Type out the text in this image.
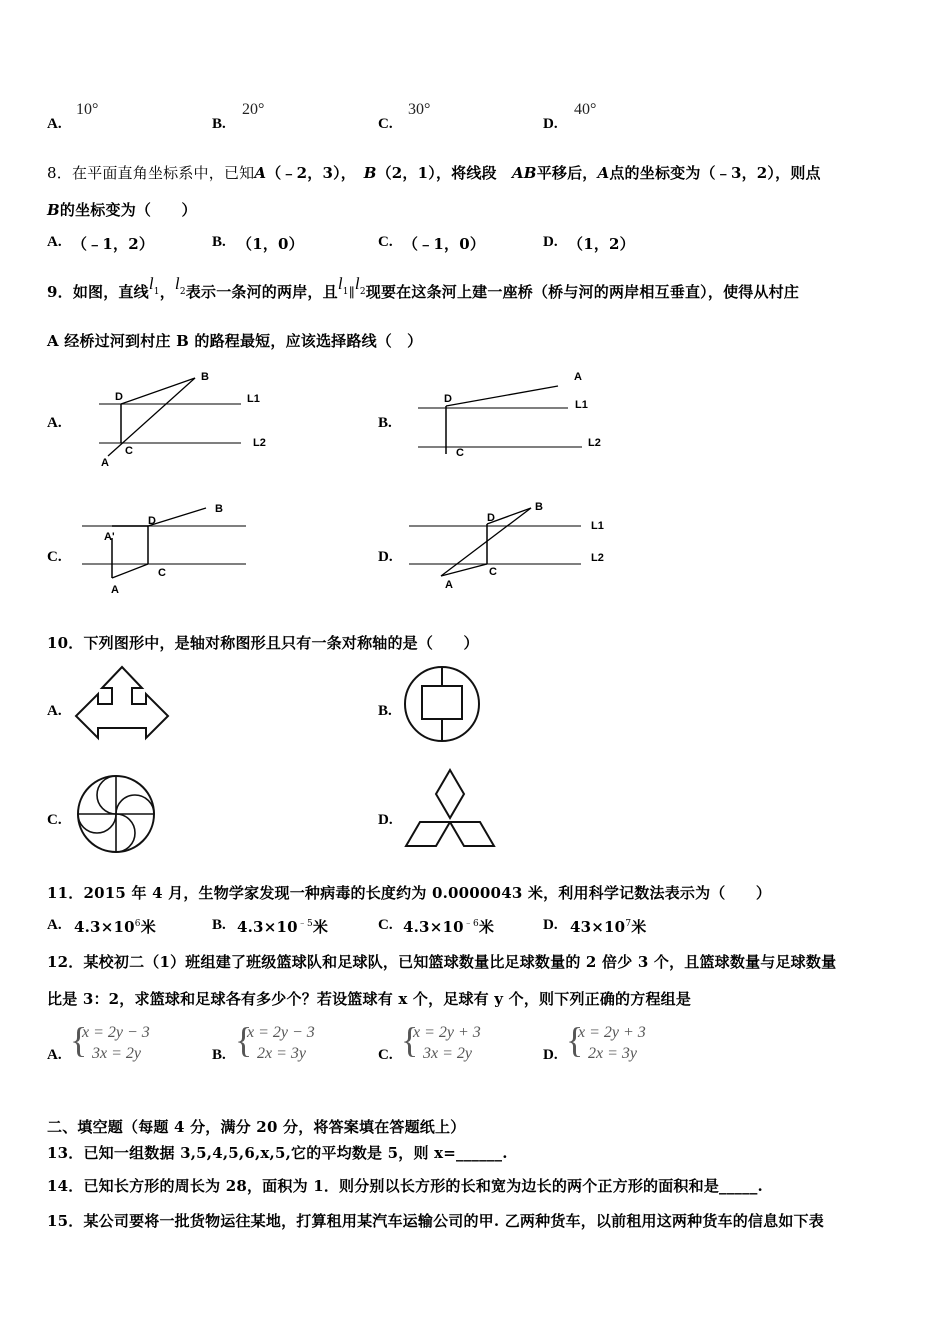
A.
10°
B.
20°
C.
30°
D.
40°
8．在平面直角坐标系中，已知A（﹣2，3），　 B（2，1），将线段　 AB平移后，A点的坐标变为（﹣3，2），则点
B的坐标变为（　　）
A. （﹣1，2）	B. （1，0）	C. （﹣1，0）	D. （1，2）
9．如图，直线$l^1$，$l^2$表示一条河的两岸，且$l^1\parallel l^2$现要在这条河上建一座桥（桥与河的两岸相互垂直），使得从村庄
A 经桥过河到村庄 B 的路程最短，应该选择路线（　）
A.	B.
C.	D.
D
B
C
A
L1
L2
D
A
C
L1
L2
A'
D
B
C
A
D
B
C
A
L1
L2
10．下列图形中，是轴对称图形且只有一条对称轴的是（　　）
A.	B.
C.	D.
11．2015 年 4 月，生物学家发现一种病毒的长度约为 0.0000043 米，利用科学记数法表示为（　　）
A. $4.3\times 10^6$米	B. $4.3\times 10^{﹣5}$米	C. $4.3\times 10^{﹣6}$米	D. $43\times 10^7$米
12．某校初二（1）班组建了班级篮球队和足球队，已知篮球数量比足球数量的 2 倍少 3 个，且篮球数量与足球数量
比是 3：2，求篮球和足球各有多少个？若设篮球有 x 个，足球有 y 个，则下列正确的方程组是
A. {
x = 2y − 3
3x = 2y	B. {
x = 2y − 3
2x = 3y	C. {
x = 2y + 3
3x = 2y	D. {
x = 2y + 3
2x = 3y
二、填空题（每题 4 分，满分 20 分，将答案填在答题纸上）
13．已知一组数据 3,5,4,5,6,x,5,它的平均数是 5，则 x=______.
14．已知长方形的周长为 28，面积为 1．则分别以长方形的长和宽为边长的两个正方形的面积和是_____.
15．某公司要将一批货物运往某地，打算租用某汽车运输公司的甲. 乙两种货车，以前租用这两种货车的信息如下表
